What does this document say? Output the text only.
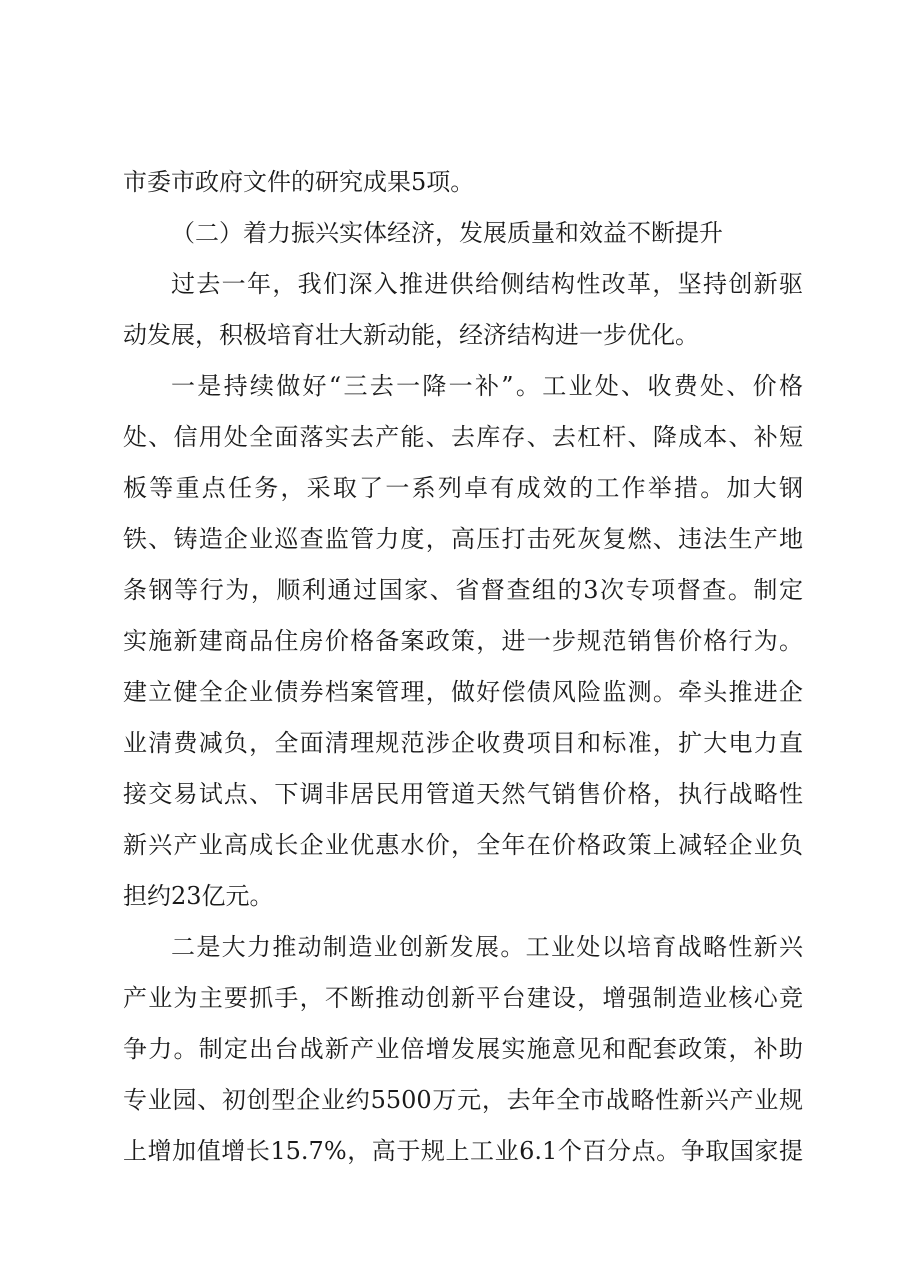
市委市政府文件的研究成果5项。
（二）着力振兴实体经济，发展质量和效益不断提升
过去一年，我们深入推进供给侧结构性改革，坚持创新驱
动发展，积极培育壮大新动能，经济结构进一步优化。
一是持续做好“三去一降一补”。工业处、收费处、价格
处、信用处全面落实去产能、去库存、去杠杆、降成本、补短
板等重点任务，采取了一系列卓有成效的工作举措。加大钢
铁、铸造企业巡查监管力度，高压打击死灰复燃、违法生产地
条钢等行为，顺利通过国家、省督查组的3次专项督查。制定
实施新建商品住房价格备案政策，进一步规范销售价格行为。
建立健全企业债券档案管理，做好偿债风险监测。牵头推进企
业清费减负，全面清理规范涉企收费项目和标准，扩大电力直
接交易试点、下调非居民用管道天然气销售价格，执行战略性
新兴产业高成长企业优惠水价，全年在价格政策上减轻企业负
担约23亿元。
二是大力推动制造业创新发展。工业处以培育战略性新兴
产业为主要抓手，不断推动创新平台建设，增强制造业核心竞
争力。制定出台战新产业倍增发展实施意见和配套政策，补助
专业园、初创型企业约5500万元，去年全市战略性新兴产业规
上增加值增长15.7%，高于规上工业6.1个百分点。争取国家提
